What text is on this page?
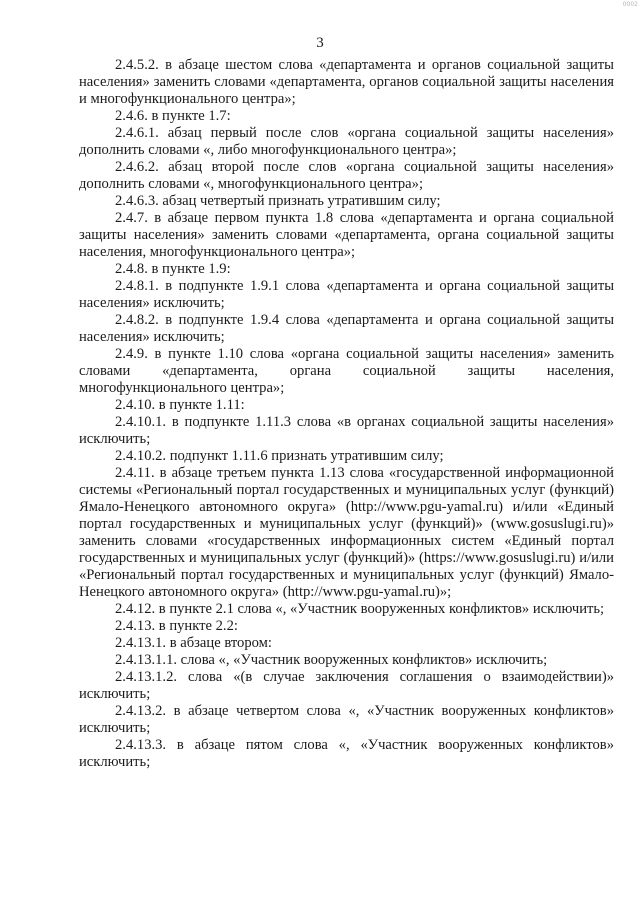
0002
3

2.4.5.2. в абзаце шестом слова «департамента и органов социальной защиты населения» заменить словами «департамента, органов социальной защиты населения и многофункционального центра»;

2.4.6. в пункте 1.7:

2.4.6.1. абзац первый после слов «органа социальной защиты населения» дополнить словами «, либо многофункционального центра»;

2.4.6.2. абзац второй после слов «органа социальной защиты населения» дополнить словами «, многофункционального центра»;

2.4.6.3. абзац четвертый признать утратившим силу;

2.4.7. в абзаце первом пункта 1.8 слова «департамента и органа социальной защиты населения» заменить словами «департамента, органа социальной защиты населения, многофункционального центра»;

2.4.8. в пункте 1.9:

2.4.8.1. в подпункте 1.9.1 слова «департамента и органа социальной защиты населения» исключить;

2.4.8.2. в подпункте 1.9.4 слова «департамента и органа социальной защиты населения» исключить;

2.4.9. в пункте 1.10 слова «органа социальной защиты населения» заменить словами «департамента, органа социальной защиты населения, многофункционального центра»;

2.4.10. в пункте 1.11:

2.4.10.1. в подпункте 1.11.3 слова «в органах социальной защиты населения» исключить;

2.4.10.2. подпункт 1.11.6 признать утратившим силу;

2.4.11. в абзаце третьем пункта 1.13 слова «государственной информационной системы «Региональный портал государственных и муниципальных услуг (функций) Ямало-Ненецкого автономного округа» (http://www.pgu-yamal.ru) и/или «Единый портал государственных и муниципальных услуг (функций)» (www.gosuslugi.ru)» заменить словами «государственных информационных систем «Единый портал государственных и муниципальных услуг (функций)» (https://www.gosuslugi.ru) и/или «Региональный портал государственных и муниципальных услуг (функций) Ямало-Ненецкого автономного округа» (http://www.pgu-yamal.ru)»;

2.4.12. в пункте 2.1 слова «, «Участник вооруженных конфликтов» исключить;

2.4.13. в пункте 2.2:

2.4.13.1. в абзаце втором:

2.4.13.1.1. слова «, «Участник вооруженных конфликтов» исключить;

2.4.13.1.2. слова «(в случае заключения соглашения о взаимодействии)» исключить;

2.4.13.2. в абзаце четвертом слова «, «Участник вооруженных конфликтов» исключить;

2.4.13.3. в абзаце пятом слова «, «Участник вооруженных конфликтов» исключить;
